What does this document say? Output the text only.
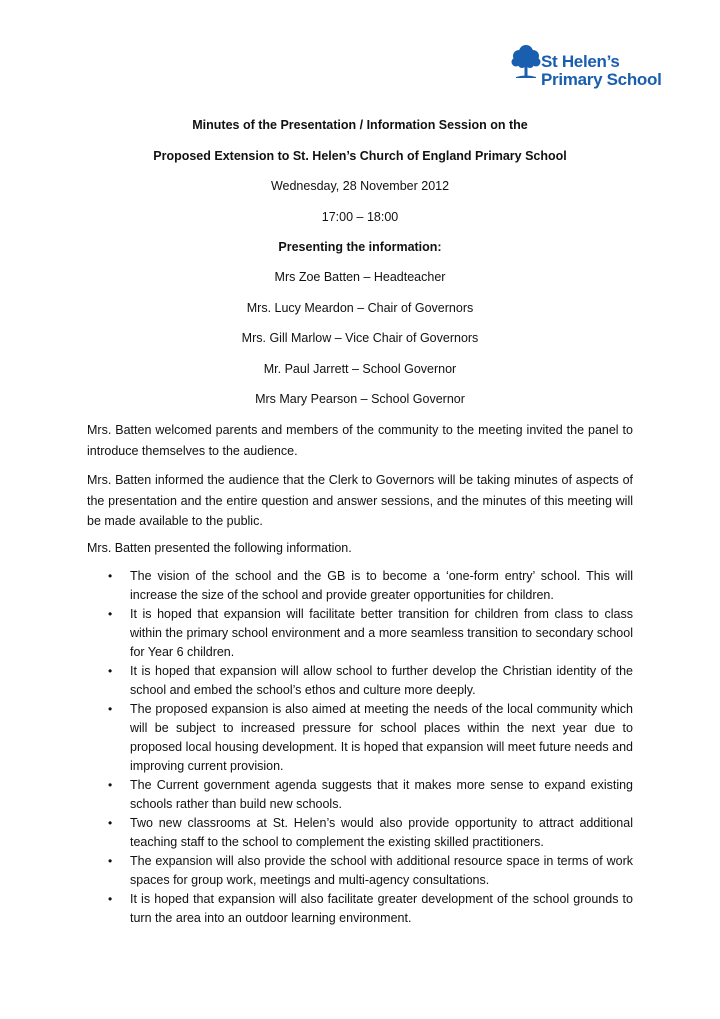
St Helen’s
Primary School
Minutes of the Presentation / Information Session on the
Proposed Extension to St. Helen’s Church of England Primary School
Wednesday, 28 November 2012
17:00 – 18:00
Presenting the information:
Mrs Zoe Batten – Headteacher
Mrs. Lucy Meardon – Chair of Governors
Mrs. Gill Marlow – Vice Chair of Governors
Mr. Paul Jarrett – School Governor
Mrs Mary Pearson – School Governor
Mrs. Batten welcomed parents and members of the community to the meeting invited the panel to introduce themselves to the audience.
Mrs. Batten informed the audience that the Clerk to Governors will be taking minutes of aspects of the presentation and the entire question and answer sessions, and the minutes of this meeting will be made available to the public.
Mrs. Batten presented the following information.
• The vision of the school and the GB is to become a ‘one-form entry’ school. This will increase the size of the school and provide greater opportunities for children.
• It is hoped that expansion will facilitate better transition for children from class to class within the primary school environment and a more seamless transition to secondary school for Year 6 children.
• It is hoped that expansion will allow school to further develop the Christian identity of the school and embed the school’s ethos and culture more deeply.
• The proposed expansion is also aimed at meeting the needs of the local community which will be subject to increased pressure for school places within the next year due to proposed local housing development. It is hoped that expansion will meet future needs and improving current provision.
• The Current government agenda suggests that it makes more sense to expand existing schools rather than build new schools.
• Two new classrooms at St. Helen’s would also provide opportunity to attract additional teaching staff to the school to complement the existing skilled practitioners.
• The expansion will also provide the school with additional resource space in terms of work spaces for group work, meetings and multi-agency consultations.
• It is hoped that expansion will also facilitate greater development of the school grounds to turn the area into an outdoor learning environment.
